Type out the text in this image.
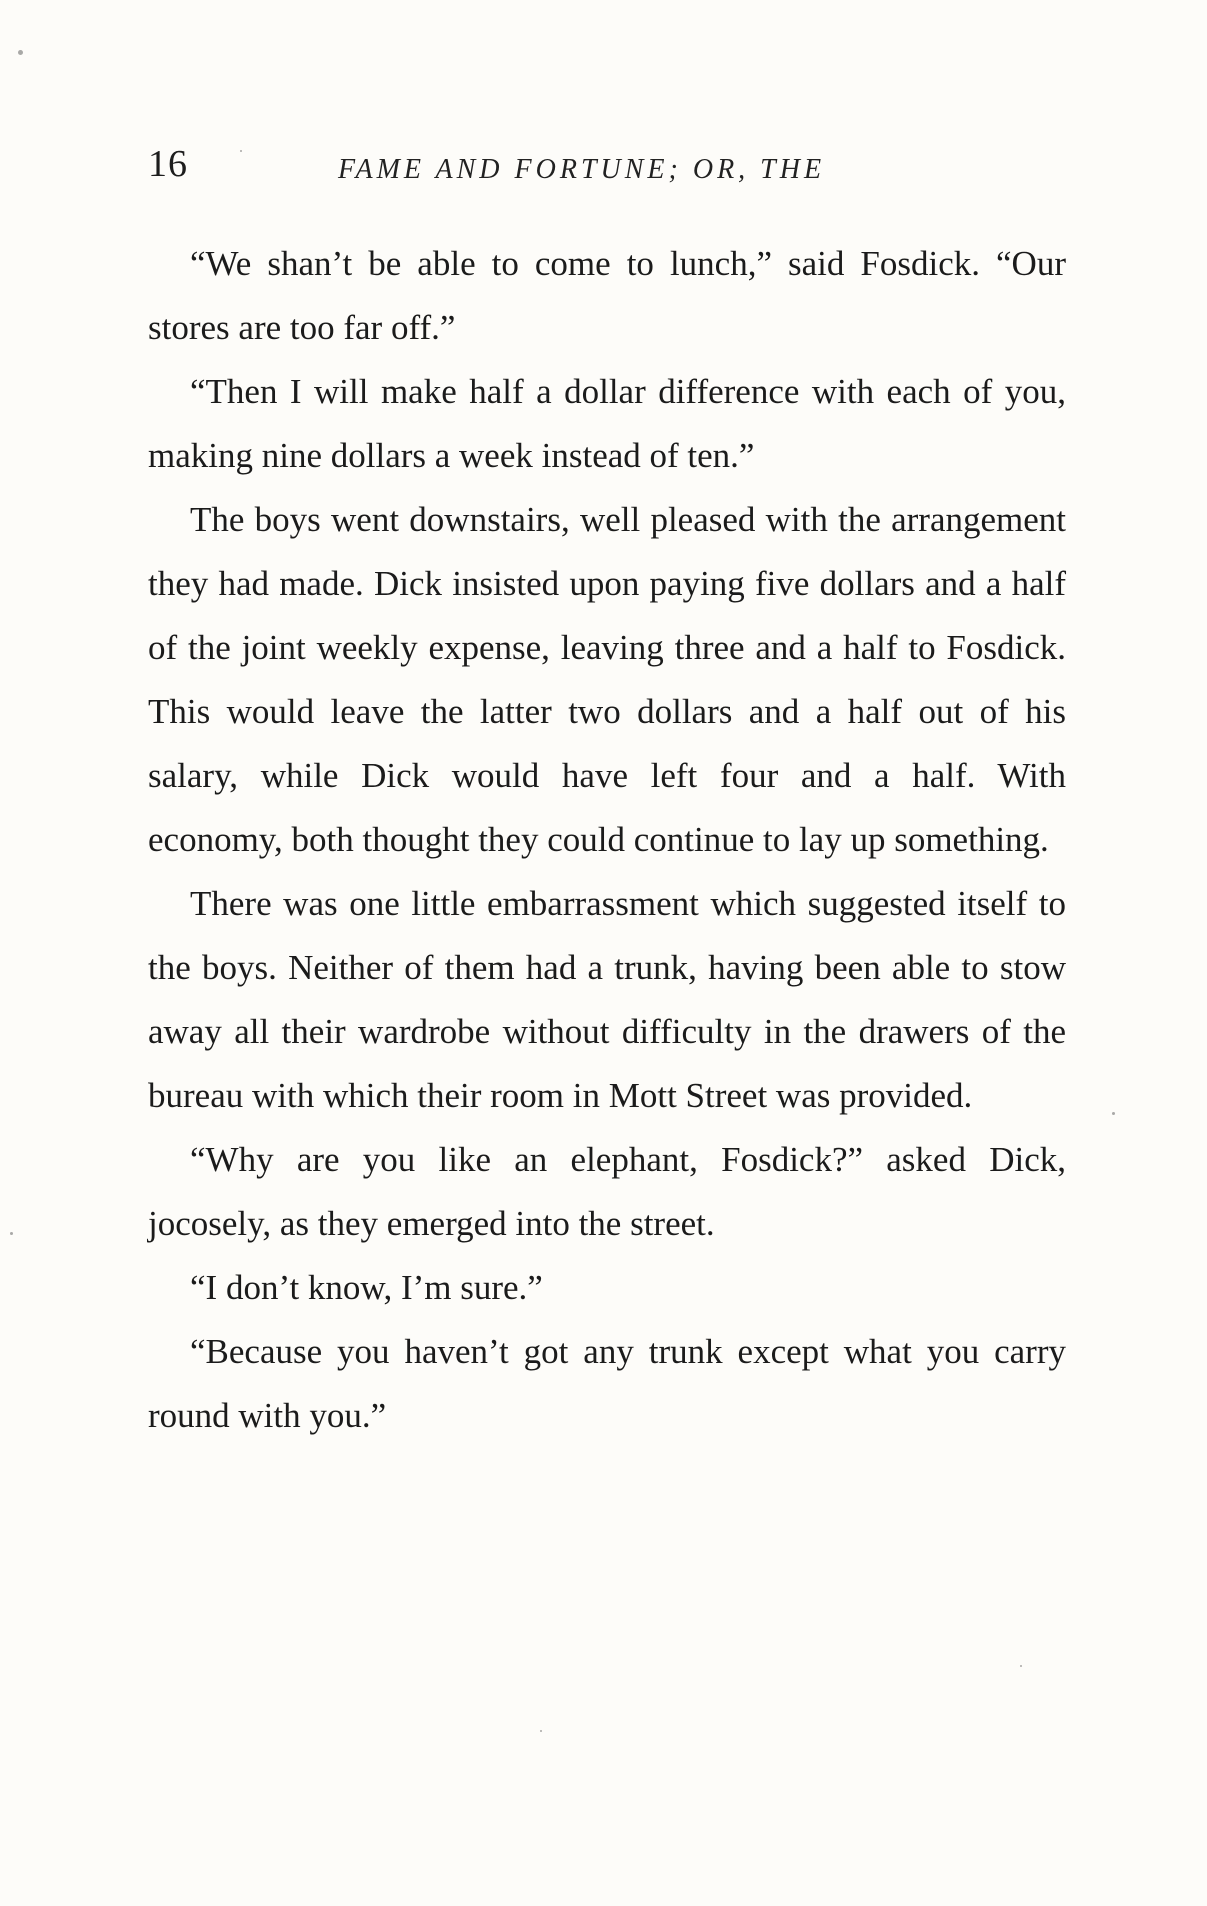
16	FAME AND FORTUNE; OR, THE

“We shan’t be able to come to lunch,” said Fosdick. “Our stores are too far off.”

“Then I will make half a dollar difference with each of you, making nine dollars a week instead of ten.”

The boys went downstairs, well pleased with the arrangement they had made. Dick insisted upon paying five dollars and a half of the joint weekly expense, leaving three and a half to Fosdick. This would leave the latter two dollars and a half out of his salary, while Dick would have left four and a half. With economy, both thought they could continue to lay up something.

There was one little embarrassment which suggested itself to the boys. Neither of them had a trunk, having been able to stow away all their wardrobe without difficulty in the drawers of the bureau with which their room in Mott Street was provided.

“Why are you like an elephant, Fosdick?” asked Dick, jocosely, as they emerged into the street.

“I don’t know, I’m sure.”

“Because you haven’t got any trunk except what you carry round with you.”
